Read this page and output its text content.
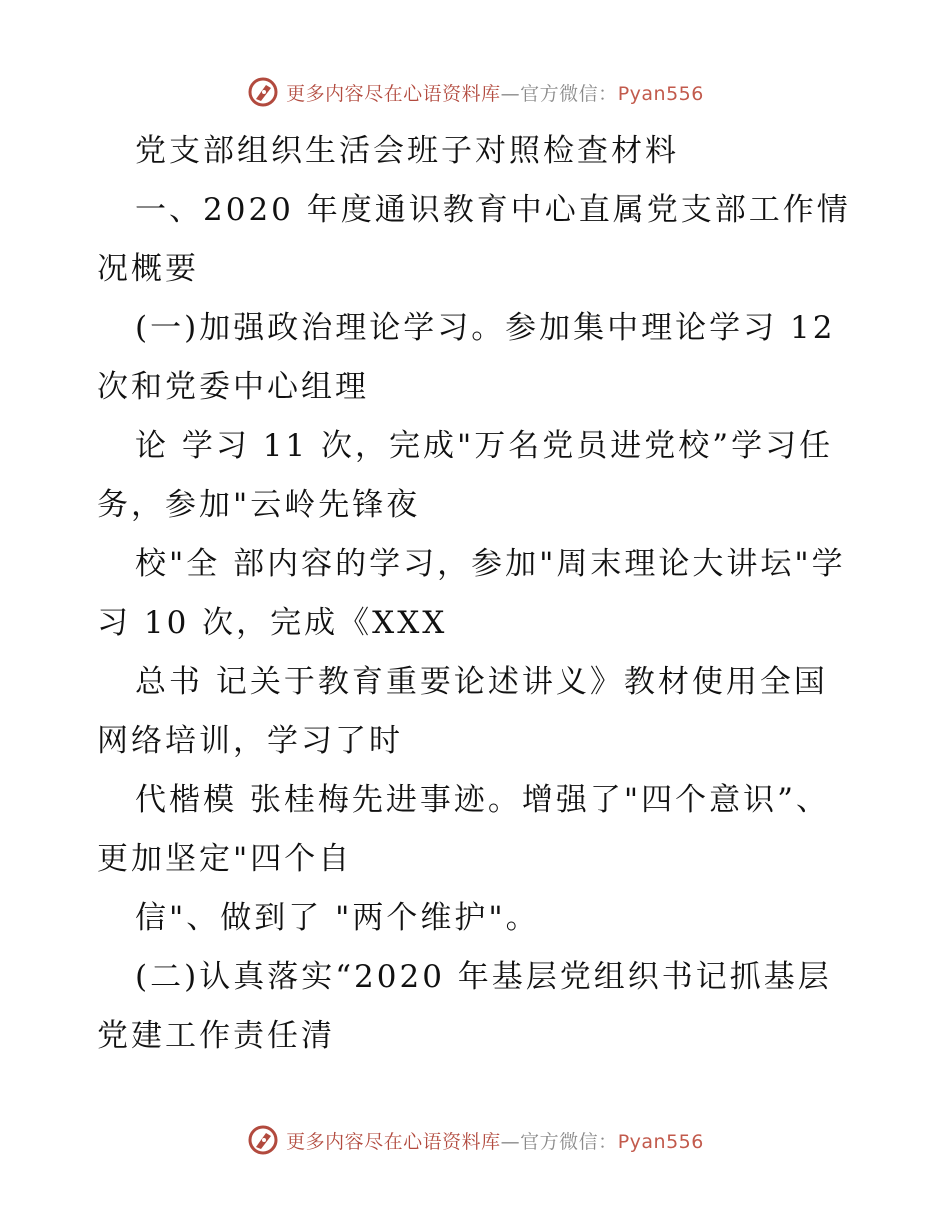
更多内容尽在心语资料库—官方微信：Pyan556
党支部组织生活会班子对照检查材料
一、2020 年度通识教育中心直属党支部工作情
况概要
(一)加强政治理论学习。参加集中理论学习 12
次和党委中心组理
论 学习 11 次，完成"万名党员进党校”学习任
务，参加"云岭先锋夜
校"全 部内容的学习，参加"周末理论大讲坛"学
习 10 次，完成《XXX
总书 记关于教育重要论述讲义》教材使用全国
网络培训，学习了时
代楷模 张桂梅先进事迹。增强了"四个意识”、
更加坚定"四个自
信"、做到了 "两个维护"。
(二)认真落实“2020 年基层党组织书记抓基层
党建工作责任清
更多内容尽在心语资料库—官方微信：Pyan556
